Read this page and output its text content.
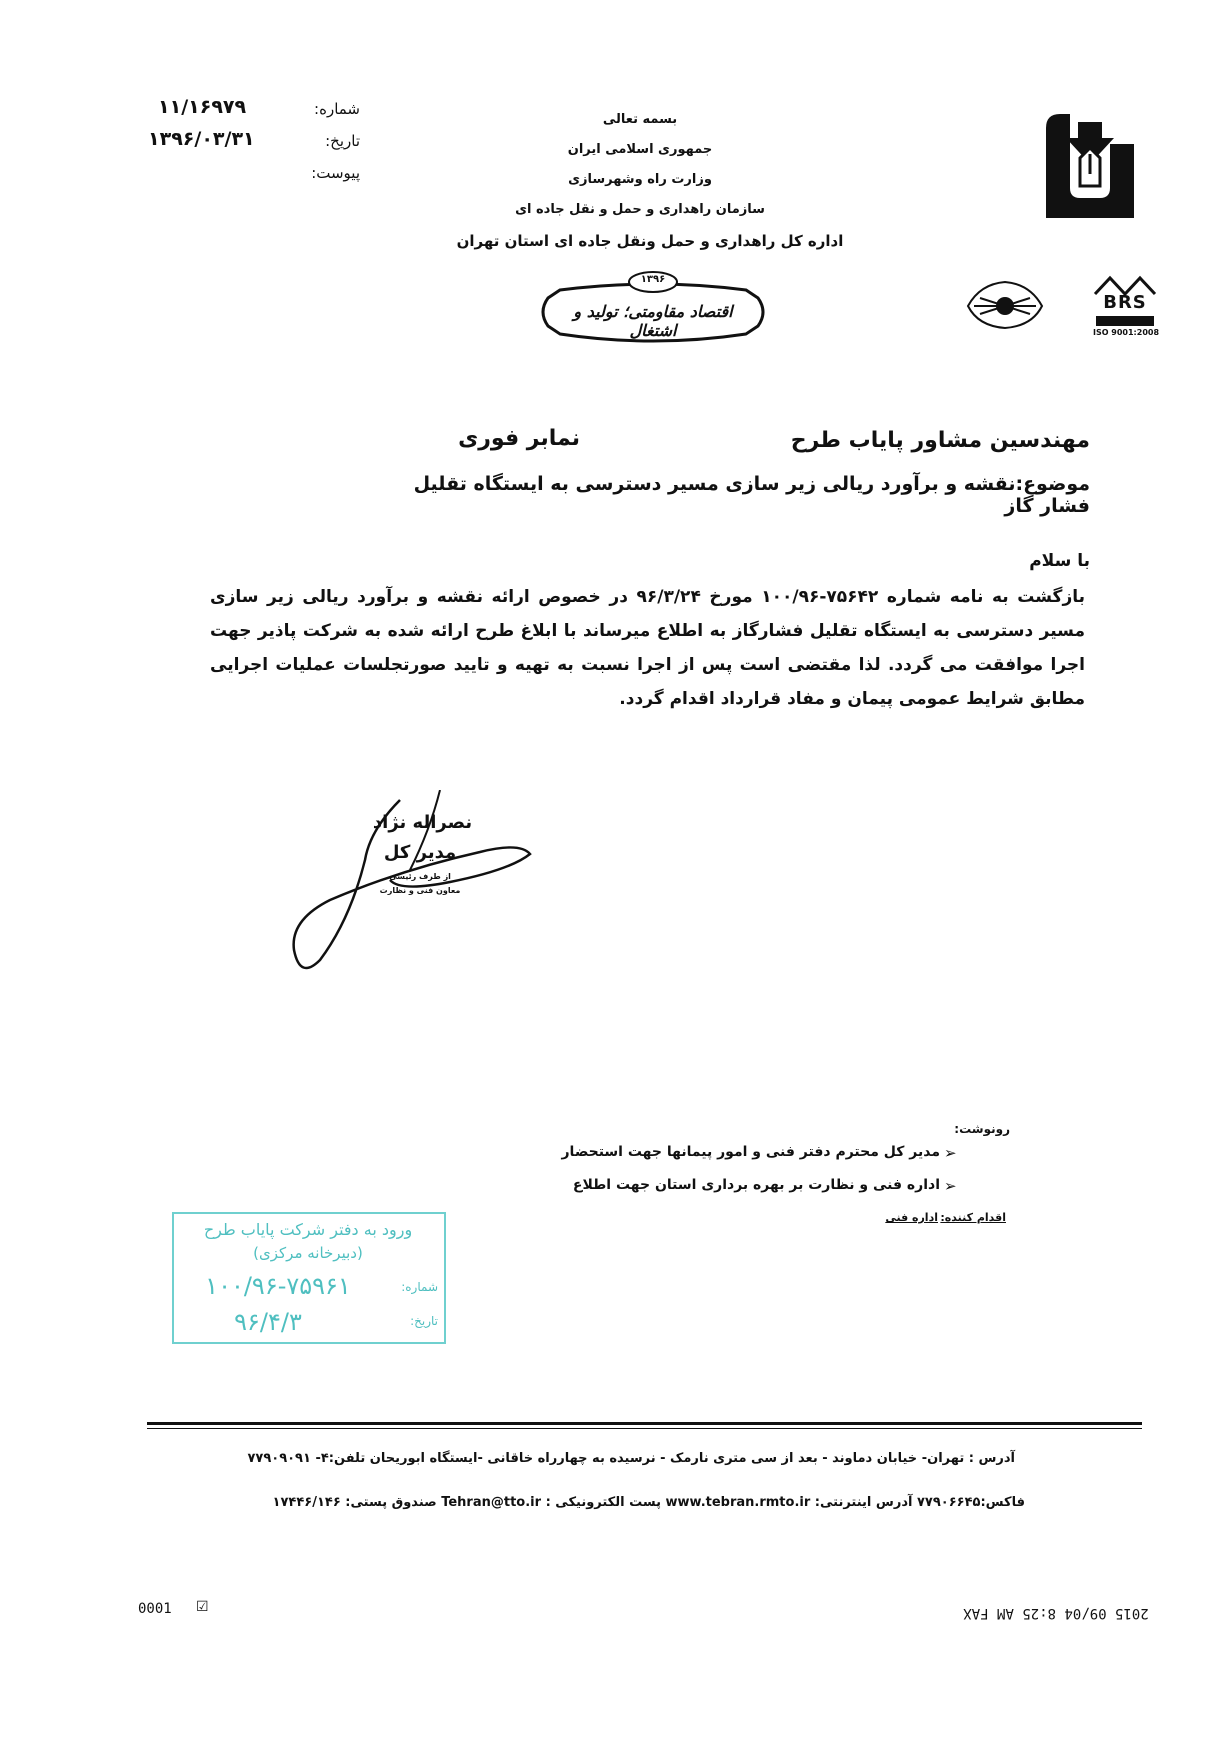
شماره:
۱۱/۱۶۹۷۹
تاریخ:
۱۳۹۶/۰۳/۳۱
پیوست:
بسمه تعالی
جمهوری اسلامی ایران
وزارت راه وشهرسازی
سازمان راهداری و حمل و نقل جاده ای
اداره کل راهداری و حمل ونقل جاده ای استان تهران
اقتصاد مقاومتی؛ تولید و اشتغال
۱۳۹۶
BRS
ISO 9001:2008
مهندسین مشاور پایاب طرح
نمابر فوری
موضوع:نقشه و برآورد ریالی زیر سازی مسیر دسترسی به ایستگاه تقلیل فشار گاز
با سلام
بازگشت به نامه شماره ۷۵۶۴۲-۱۰۰/۹۶ مورخ ۹۶/۳/۲۴ در خصوص ارائه نقشه و برآورد ریالی زیر سازی مسیر دسترسی به ایستگاه تقلیل فشارگاز به اطلاع میرساند با ابلاغ طرح ارائه شده به شرکت پاذیر جهت اجرا موافقت می گردد. لذا مقتضی است پس از اجرا نسبت به تهیه و تایید صورتجلسات عملیات اجرایی مطابق شرایط عمومی پیمان و مفاد قرارداد اقدام گردد.
نصراله نژاد
مدیر کل
از طرف رئیسی
معاون فنی و نظارت
رونوشت:
مدیر کل محترم دفتر فنی و امور پیمانها جهت استحضار ➢
اداره فنی و نظارت بر بهره برداری استان جهت اطلاع ➢
اقدام کننده:
اداره فنی
ورود به دفتر شرکت پایاب طرح
(دبیرخانه مرکزی)
شماره:
۱۰۰/۹۶-۷۵۹۶۱
تاریخ:
۹۶/۴/۳
آدرس : تهران- خیابان دماوند - بعد از سی متری نارمک - نرسیده به چهارراه خاقانی -ایستگاه ابوریحان تلفن:۴- ۷۷۹۰۹۰۹۱
فاکس:۷۷۹۰۶۶۴۵ آدرس اینترنتی: www.tebran.rmto.ir پست الکترونیکی : Tehran@tto.ir صندوق پستی: ۱۷۴۴۶/۱۴۶
0001 ☑	2015 09/04 8:25 AM FAX
